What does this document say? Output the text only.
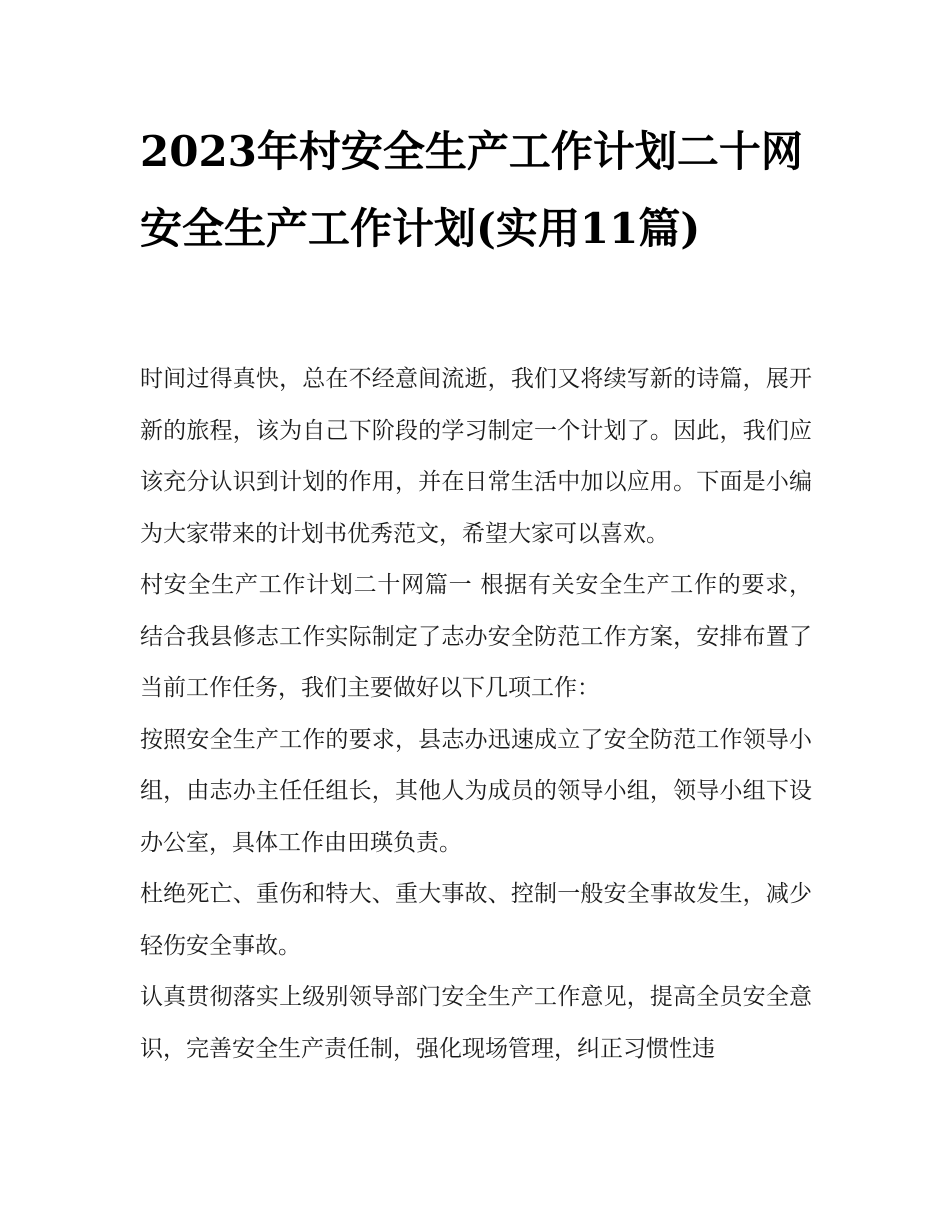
2023年村安全生产工作计划二十网 安全生产工作计划(实用11篇)

时间过得真快，总在不经意间流逝，我们又将续写新的诗篇，展开新的旅程，该为自己下阶段的学习制定一个计划了。因此，我们应该充分认识到计划的作用，并在日常生活中加以应用。下面是小编为大家带来的计划书优秀范文，希望大家可以喜欢。

村安全生产工作计划二十网篇一 根据有关安全生产工作的要求，结合我县修志工作实际制定了志办安全防范工作方案，安排布置了当前工作任务，我们主要做好以下几项工作：

按照安全生产工作的要求，县志办迅速成立了安全防范工作领导小组，由志办主任任组长，其他人为成员的领导小组，领导小组下设办公室，具体工作由田瑛负责。

杜绝死亡、重伤和特大、重大事故、控制一般安全事故发生，减少轻伤安全事故。

认真贯彻落实上级别领导部门安全生产工作意见，提高全员安全意识，完善安全生产责任制，强化现场管理，纠正习惯性违
